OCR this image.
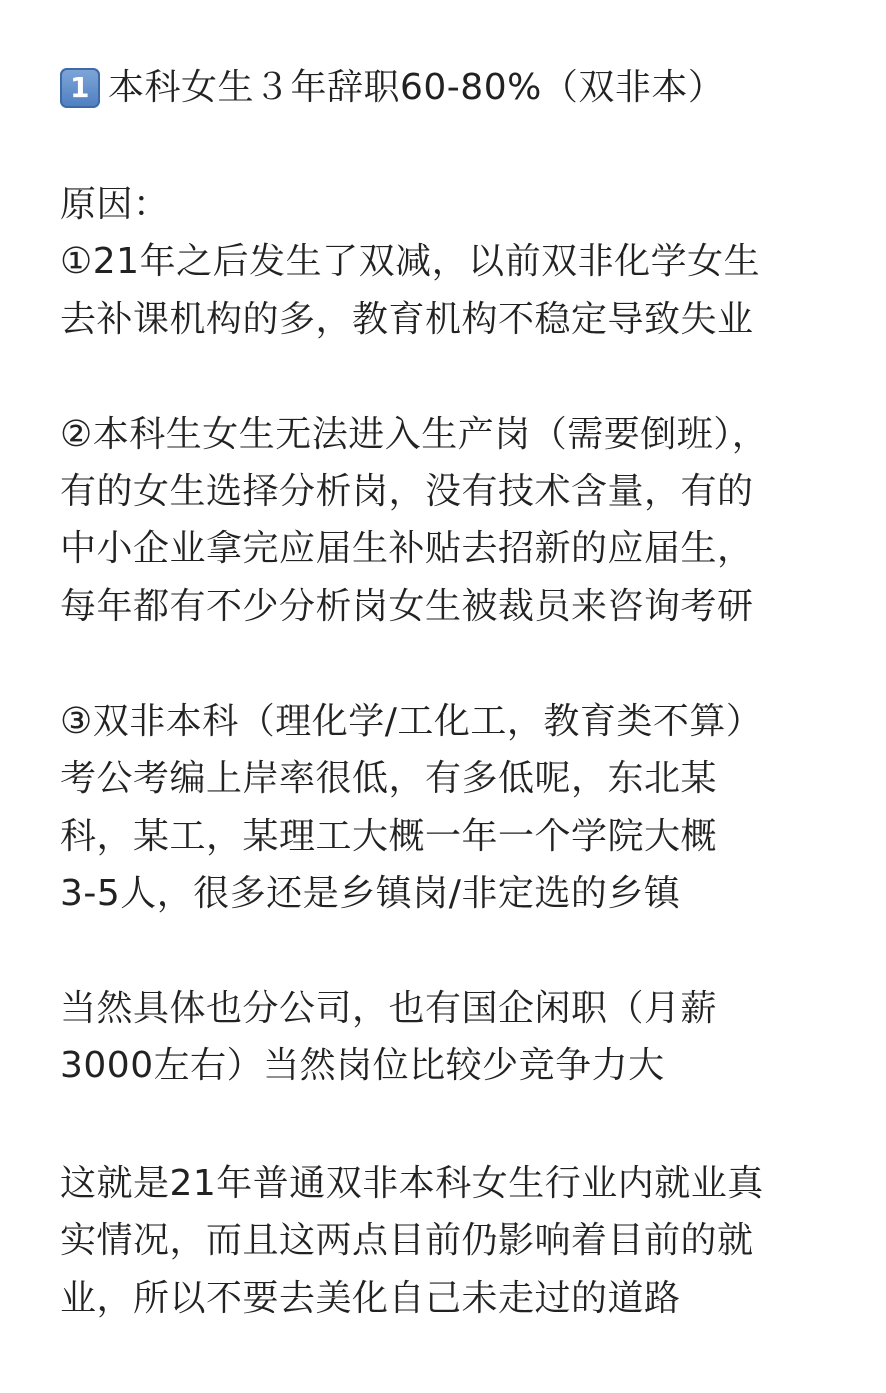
1 本科女生３年辞职60-80%（双非本）
原因：
①21年之后发生了双减，以前双非化学女生
去补课机构的多，教育机构不稳定导致失业
②本科生女生无法进入生产岗（需要倒班），
有的女生选择分析岗，没有技术含量，有的
中小企业拿完应届生补贴去招新的应届生，
每年都有不少分析岗女生被裁员来咨询考研
③双非本科（理化学/工化工，教育类不算）
考公考编上岸率很低，有多低呢，东北某
科，某工，某理工大概一年一个学院大概
3-5人，很多还是乡镇岗/非定选的乡镇
当然具体也分公司，也有国企闲职（月薪
3000左右）当然岗位比较少竞争力大
这就是21年普通双非本科女生行业内就业真
实情况，而且这两点目前仍影响着目前的就
业，所以不要去美化自己未走过的道路
